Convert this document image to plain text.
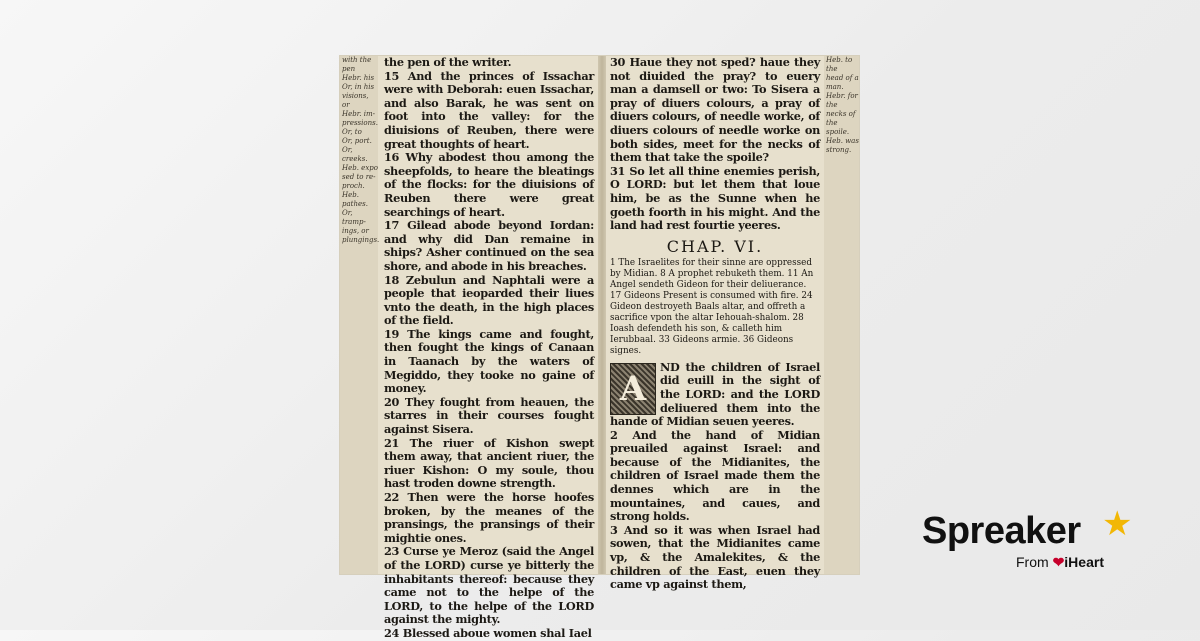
with the pen

Hebr. his

Or, in his

visions, or

Hebr. im-

pressions.

Or, to

Or, port.

Or, creeks.

Heb. expo

sed to re-

proch.

Heb. pathes.

Or, tramp-

ings, or

plungings.

the pen of the writer.

15 And the princes of Issachar were with Deborah: euen Issachar, and also Barak, he was sent on foot into the valley: for the diuisions of Reuben, there were great thoughts of heart.

16 Why abodest thou among the sheepfolds, to heare the bleatings of the flocks: for the diuisions of Reuben there were great searchings of heart.

17 Gilead abode beyond Iordan: and why did Dan remaine in ships? Asher continued on the sea shore, and abode in his breaches.

18 Zebulun and Naphtali were a people that ieoparded their liues vnto the death, in the high places of the field.

19 The kings came and fought, then fought the kings of Canaan in Taanach by the waters of Megiddo, they tooke no gaine of money.

20 They fought from heauen, the starres in their courses fought against Sisera.

21 The riuer of Kishon swept them away, that ancient riuer, the riuer Kishon: O my soule, thou hast troden downe strength.

22 Then were the horse hoofes broken, by the meanes of the pransings, the pransings of their mightie ones.

23 Curse ye Meroz (said the Angel of the LORD) curse ye bitterly the inhabitants thereof: because they came not to the helpe of the LORD, to the helpe of the LORD against the mighty.

24 Blessed aboue women shal Iael

30 Haue they not sped? haue they not diuided the pray? to euery man a damsell or two: To Sisera a pray of diuers colours, a pray of diuers colours, of needle worke, of diuers colours of needle worke on both sides, meet for the necks of them that take the spoile?

31 So let all thine enemies perish, O LORD: but let them that loue him, be as the Sunne when he goeth foorth in his might. And the land had rest fourtie yeeres.

CHAP. VI.

1 The Israelites for their sinne are oppressed by Midian. 8 A prophet rebuketh them. 11 An Angel sendeth Gideon for their deliuerance. 17 Gideons Present is consumed with fire. 24 Gideon destroyeth Baals altar, and offreth a sacrifice vpon the altar Iehouah-shalom. 28 Ioash defendeth his son, & calleth him Ierubbaal. 33 Gideons armie. 36 Gideons signes.

A

ND the children of Israel did euill in the sight of the LORD: and the LORD deliuered them into the hande of Midian seuen yeeres.

2 And the hand of Midian preuailed against Israel: and because of the Midianites, the children of Israel made them the dennes which are in the mountaines, and caues, and strong holds.

3 And so it was when Israel had sowen, that the Midianites came vp, & the Amalekites, & the children of the East, euen they came vp against them,

Heb. to the

head of a

man.

Hebr. for

the necks of

the spoile.

Heb. was

strong.

Spreaker ★
From ❤iHeart
